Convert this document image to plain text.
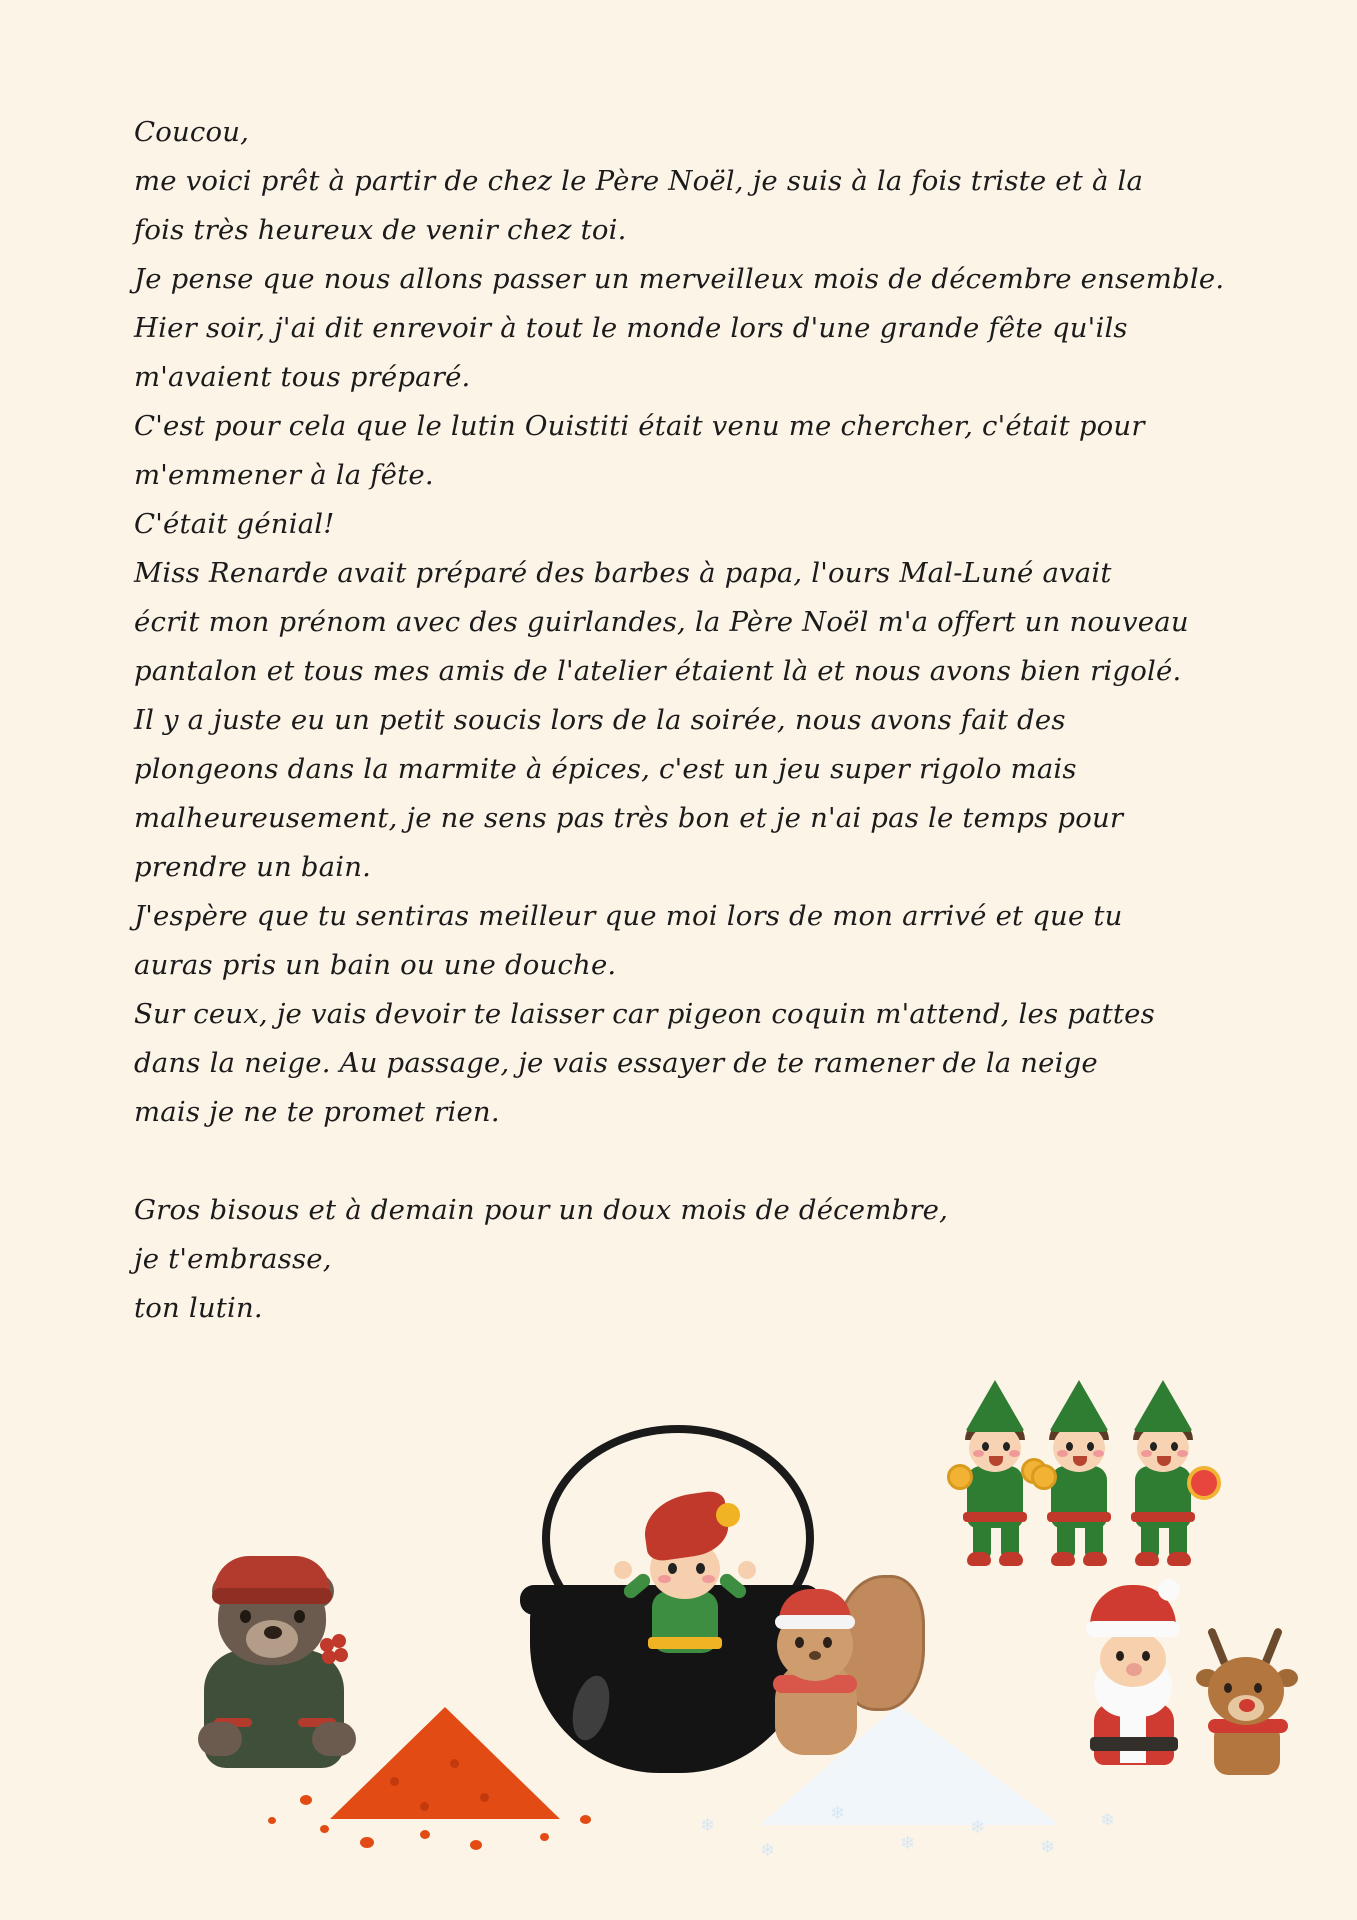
Coucou,
me voici prêt à partir de chez le Père Noël, je suis à la fois triste et à la
fois très heureux de venir chez toi.
Je pense que nous allons passer un merveilleux mois de décembre ensemble.
Hier soir, j'ai dit enrevoir à tout le monde lors d'une grande fête qu'ils
m'avaient tous préparé.
C'est pour cela que le lutin Ouistiti était venu me chercher, c'était pour
m'emmener à la fête.
C'était génial!
Miss Renarde avait préparé des barbes à papa, l'ours Mal-Luné avait
écrit mon prénom avec des guirlandes, la Père Noël m'a offert un nouveau
pantalon et tous mes amis de l'atelier étaient là et nous avons bien rigolé.
Il y a juste eu un petit soucis lors de la soirée, nous avons fait des
plongeons dans la marmite à épices, c'est un jeu super rigolo mais
malheureusement, je ne sens pas très bon et je n'ai pas le temps pour
prendre un bain.
J'espère que tu sentiras meilleur que moi lors de mon arrivé et que tu
auras pris un bain ou une douche.
Sur ceux, je vais devoir te laisser car pigeon coquin m'attend, les pattes
dans la neige. Au passage, je vais essayer de te ramener de la neige
mais je ne te promet rien.
Gros bisous et à demain pour un doux mois de décembre,
je t'embrasse,
ton lutin.
❄
❄
❄
❄
❄
❄
❄
